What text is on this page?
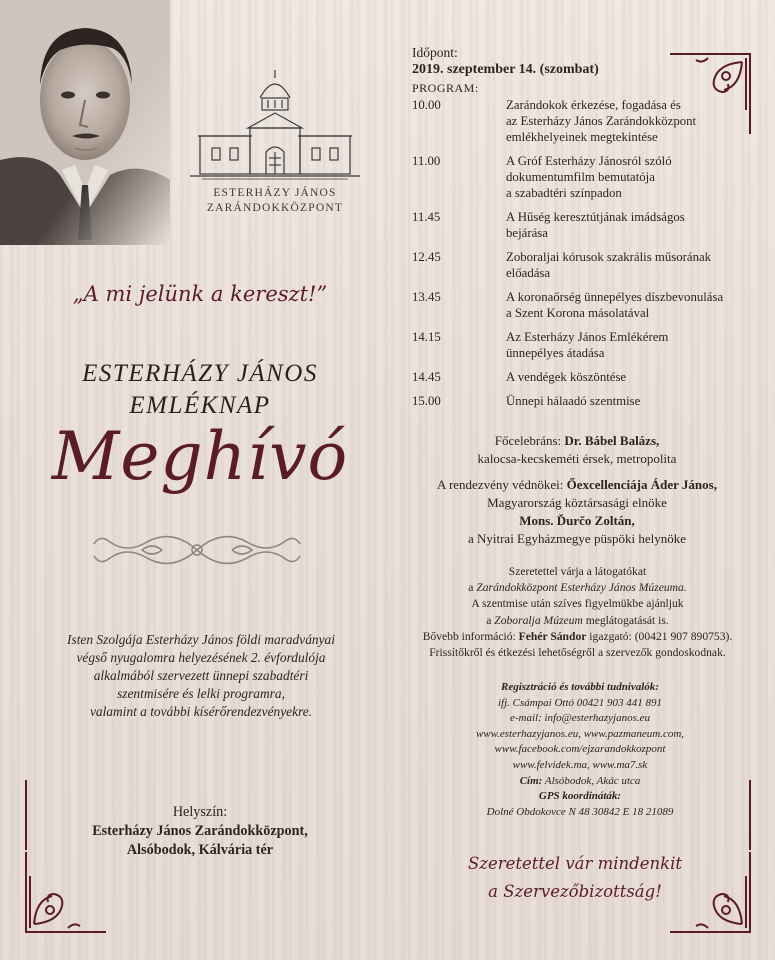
ESTERHÁZY JÁNOS
ZARÁNDOKKÖZPONT
„A mi jelünk a kereszt!”
ESTERHÁZY JÁNOS
EMLÉKNAP
Meghívó
Isten Szolgája Esterházy János földi maradványai
végső nyugalomra helyezésének 2. évfordulója
alkalmából szervezett ünnepi szabadtéri
szentmisére és lelki programra,
valamint a további kísérőrendezvényekre.
Helyszín:
Esterházy János Zarándokközpont,
Alsóbodok, Kálvária tér
Időpont:
2019. szeptember 14. (szombat)
PROGRAM:
10.00	Zarándokok érkezése, fogadása és
az Esterházy János Zarándokközpont
emlékhelyeinek megtekintése
11.00	A Gróf Esterházy Jánosról szóló
dokumentumfilm bemutatója
a szabadtéri színpadon
11.45	A Hűség keresztútjának imádságos
bejárása
12.45	Zoboraljai kórusok szakrális műsorának
előadása
13.45	A koronaőrség ünnepélyes díszbevonulása
a Szent Korona másolatával
14.15	Az Esterházy János Emlékérem
ünnepélyes átadása
14.45	A vendégek köszöntése
15.00	Ünnepi hálaadó szentmise
Főcelebráns: Dr. Bábel Balázs,
kalocsa-kecskeméti érsek, metropolita
A rendezvény védnökei: Őexcellenciája Áder János,
Magyarország köztársasági elnöke
Mons. Ďurčo Zoltán,
a Nyitrai Egyházmegye püspöki helynöke
Szeretettel várja a látogatókat
a Zarándokközpont Esterházy János Múzeuma.
A szentmise után szíves figyelmükbe ajánljuk
a Zoboralja Múzeum meglátogatását is.
Bővebb információ: Fehér Sándor igazgató: (00421 907 890753).
Frissítőkről és étkezési lehetőségről a szervezők gondoskodnak.
Regisztráció és további tudnivalók:
ifj. Csámpai Ottó 00421 903 441 891
e-mail: info@esterhazyjanos.eu
www.esterhazyjanos.eu, www.pazmaneum.com,
www.facebook.com/ejzarandokkozpont
www.felvidek.ma, www.ma7.sk
Cím: Alsóbodok, Akác utca
GPS koordináták:
Dolné Obdokovce N 48 30842 E 18 21089
Szeretettel vár mindenkit
a Szervezőbizottság!
